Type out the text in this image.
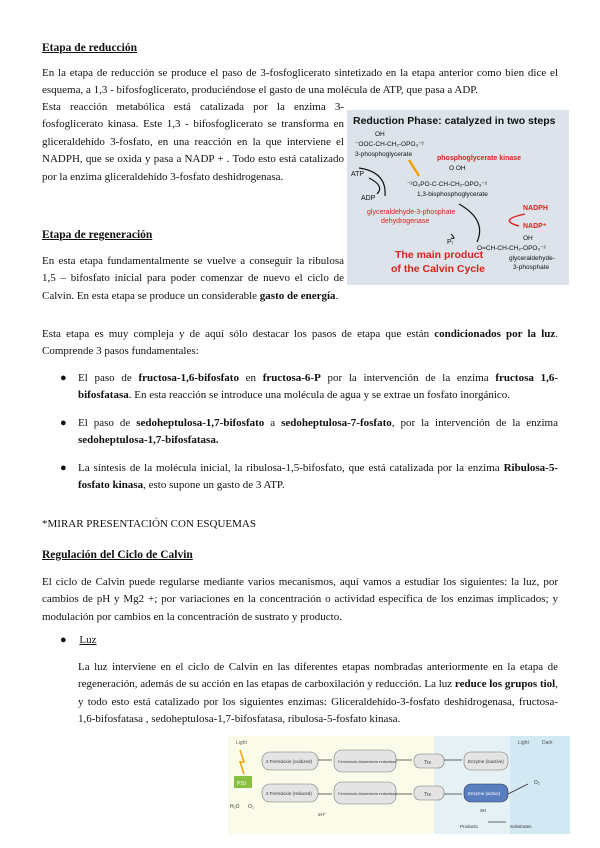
Etapa de reducción
En la etapa de reducción se produce el paso de 3-fosfoglicerato sintetizado en la etapa anterior como bien dice el esquema, a 1,3 - bifosfoglicerato, produciéndose el gasto de una molécula de ATP, que pasa a ADP.
Esta reacción metabólica está catalizada por la enzima 3-fosfoglicerato kinasa. Este 1,3 - bifosfoglicerato se transforma en gliceraldehído 3-fosfato, en una reacción en la que interviene el NADPH, que se oxida y pasa a NADP + . Todo esto está catalizado por la enzima gliceraldehído 3-fosfato deshidrogenasa.
Reduction Phase: catalyzed in two steps
OH
⁻OOC-CH-CH₂-OPO₃⁻²
3-phosphoglycerate
phosphoglycerate kinase
ATP
ADP
O OH
⁻²O₃PO-C-CH-CH₂-OPO₃⁻²
1,3-bisphosphoglycerate
glyceraldehyde-3-phosphate
dehydrogenase
NADPH
NADP⁺
Pᵢ
OH
O=CH-CH-CH₂-OPO₃⁻²
glyceraldehyde-
3-phosphate
The main product
of the Calvin Cycle
Etapa de regeneración
En esta etapa fundamentalmente se vuelve a conseguir la ribulosa 1,5 – bifosfato inicial para poder comenzar de nuevo el ciclo de Calvin. En esta etapa se produce un considerable gasto de energía.
Esta etapa es muy compleja y de aquí sólo destacar los pasos de etapa que están condicionados por la luz. Comprende 3 pasos fundamentales:
● El paso de fructosa-1,6-bifosfato en fructosa-6-P por la intervención de la enzima fructosa 1,6-bifosfatasa. En esta reacción se introduce una molécula de agua y se extrae un fosfato inorgánico.
● El paso de sedoheptulosa-1,7-bifosfato a sedoheptulosa-7-fosfato, por la intervención de la enzima sedoheptulosa-1,7-bifosfatasa.
● La síntesis de la molécula inicial, la ribulosa-1,5-bifosfato, que está catalizada por la enzima Ribulosa-5-fosfato kinasa, esto supone un gasto de 3 ATP.
*MIRAR PRESENTACIÓN CON ESQUEMAS
Regulación del Ciclo de Calvin
El ciclo de Calvin puede regularse mediante varios mecanismos, aquí vamos a estudiar los siguientes: la luz, por cambios de pH y Mg2 +; por variaciones en la concentración o actividad específica de los enzimas implicados; y modulación por cambios en la concentración de sustrato y producto.
● Luz
La luz interviene en el ciclo de Calvin en las diferentes etapas nombradas anteriormente en la etapa de regeneración, además de su acción en las etapas de carboxilación y reducción. La luz reduce los grupos tiol, y todo esto está catalizado por los siguientes enzimas: Gliceraldehído-3-fosfato deshidrogenasa, fructosa-1,6-bifosfatasa , sedoheptulosa-1,7-bifosfatasa, ribulosa-5-fosfato kinasa.
Light	Light	Dark
PSI
H₂O O₂
2 Ferredoxin (oxidized)
2 Ferredoxin (reduced)
Ferredoxin-thioredoxin reductase
Ferredoxin-thioredoxin reductase
2H⁺
Trx
Trx
Enzyme (inactive)
Enzyme (active)
SH
O₂
Products	Substrates
